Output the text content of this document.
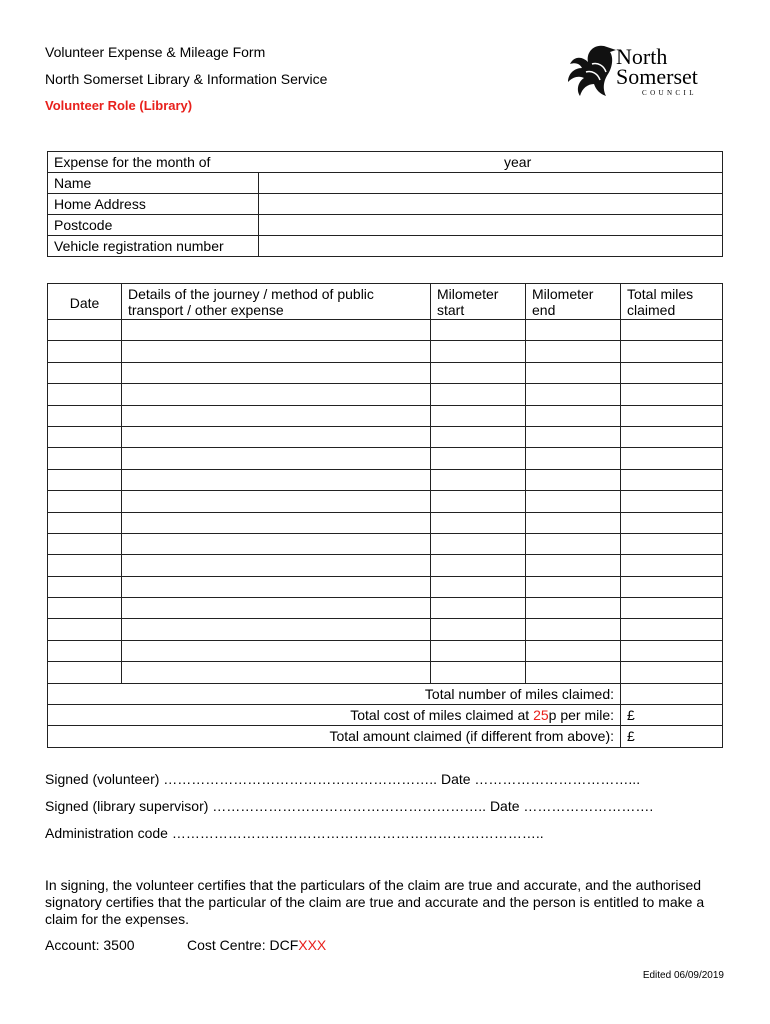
Volunteer Expense & Mileage Form
North Somerset Library & Information Service
Volunteer Role (Library)
North
Somerset
COUNCIL
Expense for the month of year	

Name	
Home Address	
Postcode	
Vehicle registration number	
Date	Details of the journey / method of public transport / other expense	Milometer start	Milometer end	Total miles claimed

Total number of miles claimed:				
Total cost of miles claimed at 25p per mile:				£
Total amount claimed (if different from above):				£
Signed (volunteer) ………………………………………………….. Date ……………………………...
Signed (library supervisor) ………………………………………………….. Date ……………………….
Administration code ……………………………………………………………………..
In signing, the volunteer certifies that the particulars of the claim are true and accurate, and the authorised signatory certifies that the particular of the claim are true and accurate and the person is entitled to make a claim for the expenses.
Account: 3500	Cost Centre: DCFXXX
Edited 06/09/2019
